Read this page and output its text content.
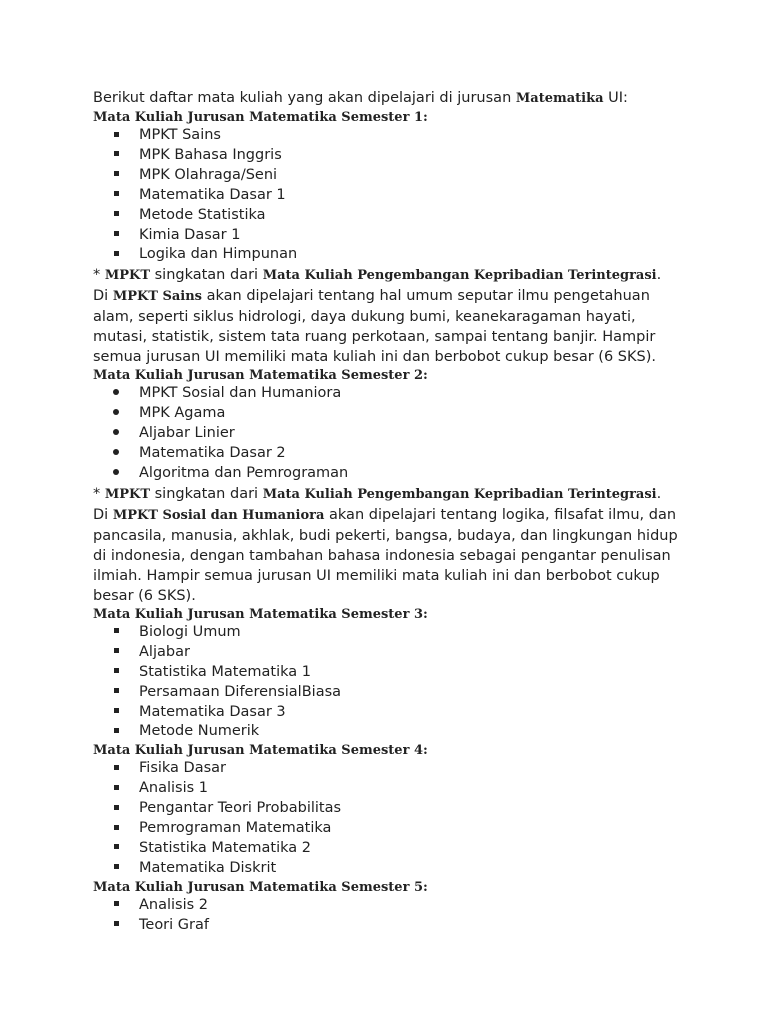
Berikut daftar mata kuliah yang akan dipelajari di jurusan Matematika UI:
Mata Kuliah Jurusan Matematika Semester 1:
MPKT Sains
MPK Bahasa Inggris
MPK Olahraga/Seni
Matematika Dasar 1
Metode Statistika
Kimia Dasar 1
Logika dan Himpunan
* MPKT singkatan dari Mata Kuliah Pengembangan Kepribadian Terintegrasi.
Di MPKT Sains akan dipelajari tentang hal umum seputar ilmu pengetahuan alam, seperti siklus hidrologi, daya dukung bumi, keanekaragaman hayati, mutasi, statistik, sistem tata ruang perkotaan, sampai tentang banjir. Hampir semua jurusan UI memiliki mata kuliah ini dan berbobot cukup besar (6 SKS).
Mata Kuliah Jurusan Matematika Semester 2:
MPKT Sosial dan Humaniora
MPK Agama
Aljabar Linier
Matematika Dasar 2
Algoritma dan Pemrograman
* MPKT singkatan dari Mata Kuliah Pengembangan Kepribadian Terintegrasi.
Di MPKT Sosial dan Humaniora akan dipelajari tentang logika, filsafat ilmu, dan pancasila, manusia, akhlak, budi pekerti, bangsa, budaya, dan lingkungan hidup di indonesia, dengan tambahan bahasa indonesia sebagai pengantar penulisan ilmiah. Hampir semua jurusan UI memiliki mata kuliah ini dan berbobot cukup besar (6 SKS).
Mata Kuliah Jurusan Matematika Semester 3:
Biologi Umum
Aljabar
Statistika Matematika 1
Persamaan DiferensialBiasa
Matematika Dasar 3
Metode Numerik
Mata Kuliah Jurusan Matematika Semester 4:
Fisika Dasar
Analisis 1
Pengantar Teori Probabilitas
Pemrograman Matematika
Statistika Matematika 2
Matematika Diskrit
Mata Kuliah Jurusan Matematika Semester 5:
Analisis 2
Teori Graf
